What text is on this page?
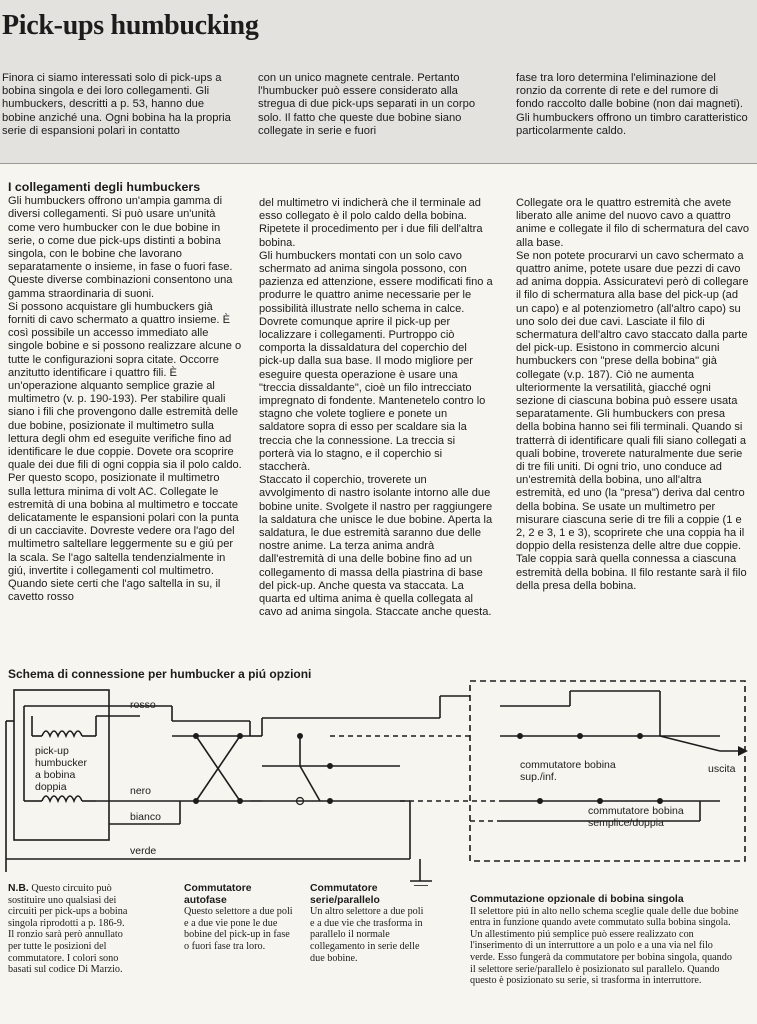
Pick-ups humbucking
Finora ci siamo interessati solo di pick-ups a bobina singola e dei loro collegamenti. Gli humbuckers, descritti a p. 53, hanno due bobine anziché una. Ogni bobina ha la propria serie di espansioni polari in contatto
con un unico magnete centrale. Pertanto l'humbucker può essere considerato alla stregua di due pick-ups separati in un corpo solo. Il fatto che queste due bobine siano collegate in serie e fuori
fase tra loro determina l'eliminazione del ronzio da corrente di rete e del rumore di fondo raccolto dalle bobine (non dai magneti). Gli humbuckers offrono un timbro caratteristico particolarmente caldo.
I collegamenti degli humbuckers

Gli humbuckers offrono un'ampia gamma di diversi collegamenti. Si può usare un'unità come vero humbucker con le due bobine in serie, o come due pick-ups distinti a bobina singola, con le bobine che lavorano separatamente o insieme, in fase o fuori fase. Queste diverse combinazioni consentono una gamma straordinaria di suoni.

Si possono acquistare gli humbuckers già forniti di cavo schermato a quattro insieme. È così possibile un accesso immediato alle singole bobine e si possono realizzare alcune o tutte le configurazioni sopra citate. Occorre anzitutto identificare i quattro fili. È un'operazione alquanto semplice grazie al multimetro (v. p. 190-193). Per stabilire quali siano i fili che provengono dalle estremità delle due bobine, posizionate il multimetro sulla lettura degli ohm ed eseguite verifiche fino ad identificare le due coppie. Dovete ora scoprire quale dei due fili di ogni coppia sia il polo caldo. Per questo scopo, posizionate il multimetro sulla lettura minima di volt AC. Collegate le estremità di una bobina al multimetro e toccate delicatamente le espansioni polari con la punta di un cacciavite. Dovreste vedere ora l'ago del multimetro saltellare leggermente su e giú per la scala. Se l'ago saltella tendenzialmente in giú, invertite i collegamenti col multimetro. Quando siete certi che l'ago saltella in su, il cavetto rosso

del multimetro vi indicherà che il terminale ad esso collegato è il polo caldo della bobina. Ripetete il procedimento per i due fili dell'altra bobina.

Gli humbuckers montati con un solo cavo schermato ad anima singola possono, con pazienza ed attenzione, essere modificati fino a produrre le quattro anime necessarie per le possibilità illustrate nello schema in calce. Dovrete comunque aprire il pick-up per localizzare i collegamenti. Purtroppo ciò comporta la dissaldatura del coperchio del pick-up dalla sua base. Il modo migliore per eseguire questa operazione è usare una "treccia dissaldante", cioè un filo intrecciato impregnato di fondente. Mantenetelo contro lo stagno che volete togliere e ponete un saldatore sopra di esso per scaldare sia la treccia che la connessione. La treccia si porterà via lo stagno, e il coperchio si staccherà.

Staccato il coperchio, troverete un avvolgimento di nastro isolante intorno alle due bobine unite. Svolgete il nastro per raggiungere la saldatura che unisce le due bobine. Aperta la saldatura, le due estremità saranno due delle nostre anime. La terza anima andrà dall'estremità di una delle bobine fino ad un collegamento di massa della piastrina di base del pick-up. Anche questa va staccata. La quarta ed ultima anima è quella collegata al cavo ad anima singola. Staccate anche questa.

Collegate ora le quattro estremità che avete liberato alle anime del nuovo cavo a quattro anime e collegate il filo di schermatura del cavo alla base.

Se non potete procurarvi un cavo schermato a quattro anime, potete usare due pezzi di cavo ad anima doppia. Assicuratevi però di collegare il filo di schermatura alla base del pick-up (ad un capo) e al potenziometro (all'altro capo) su uno solo dei due cavi. Lasciate il filo di schermatura dell'altro cavo staccato dalla parte del pick-up. Esistono in commercio alcuni humbuckers con "prese della bobina" già collegate (v.p. 187). Ciò ne aumenta ulteriormente la versatilità, giacché ogni sezione di ciascuna bobina può essere usata separatamente. Gli humbuckers con presa della bobina hanno sei fili terminali. Quando si tratterrà di identificare quali fili siano collegati a quali bobine, troverete naturalmente due serie di tre fili uniti. Di ogni trio, uno conduce ad un'estremità della bobina, uno all'altra estremità, ed uno (la "presa") deriva dal centro della bobina. Se usate un multimetro per misurare ciascuna serie di tre fili a coppie (1 e 2, 2 e 3, 1 e 3), scoprirete che una coppia ha il doppio della resistenza delle altre due coppie. Tale coppia sarà quella connessa a ciascuna estremità della bobina. Il filo restante sarà il filo della presa della bobina.

Schema di connessione per humbucker a piú opzioni
rosso
pick-up
humbucker
a bobina
doppia	nero
bianco
verde
commutatore bobina
sup./inf.
commutatore bobina
semplice/doppia
uscita
N.B. Questo circuito può sostituire uno qualsiasi dei circuiti per pick-ups a bobina singola riprodotti a p. 186-9. Il ronzio sarà però annullato per tutte le posizioni del commutatore. I colori sono basati sul codice Di Marzio.
Commutatore autofase
Questo selettore a due poli e a due vie pone le due bobine del pick-up in fase o fuori fase tra loro.
Commutatore serie/parallelo
Un altro selettore a due poli e a due vie che trasforma in parallelo il normale collegamento in serie delle due bobine.
Commutazione opzionale di bobina singola
Il selettore piú in alto nello schema sceglie quale delle due bobine entra in funzione quando avete commutato sulla bobina singola. Un allestimento piú semplice può essere realizzato con l'inserimento di un interruttore a un polo e a una via nel filo verde. Esso fungerà da commutatore per bobina singola, quando il selettore serie/parallelo è posizionato sul parallelo. Quando questo è posizionato su serie, si trasforma in interruttore.
